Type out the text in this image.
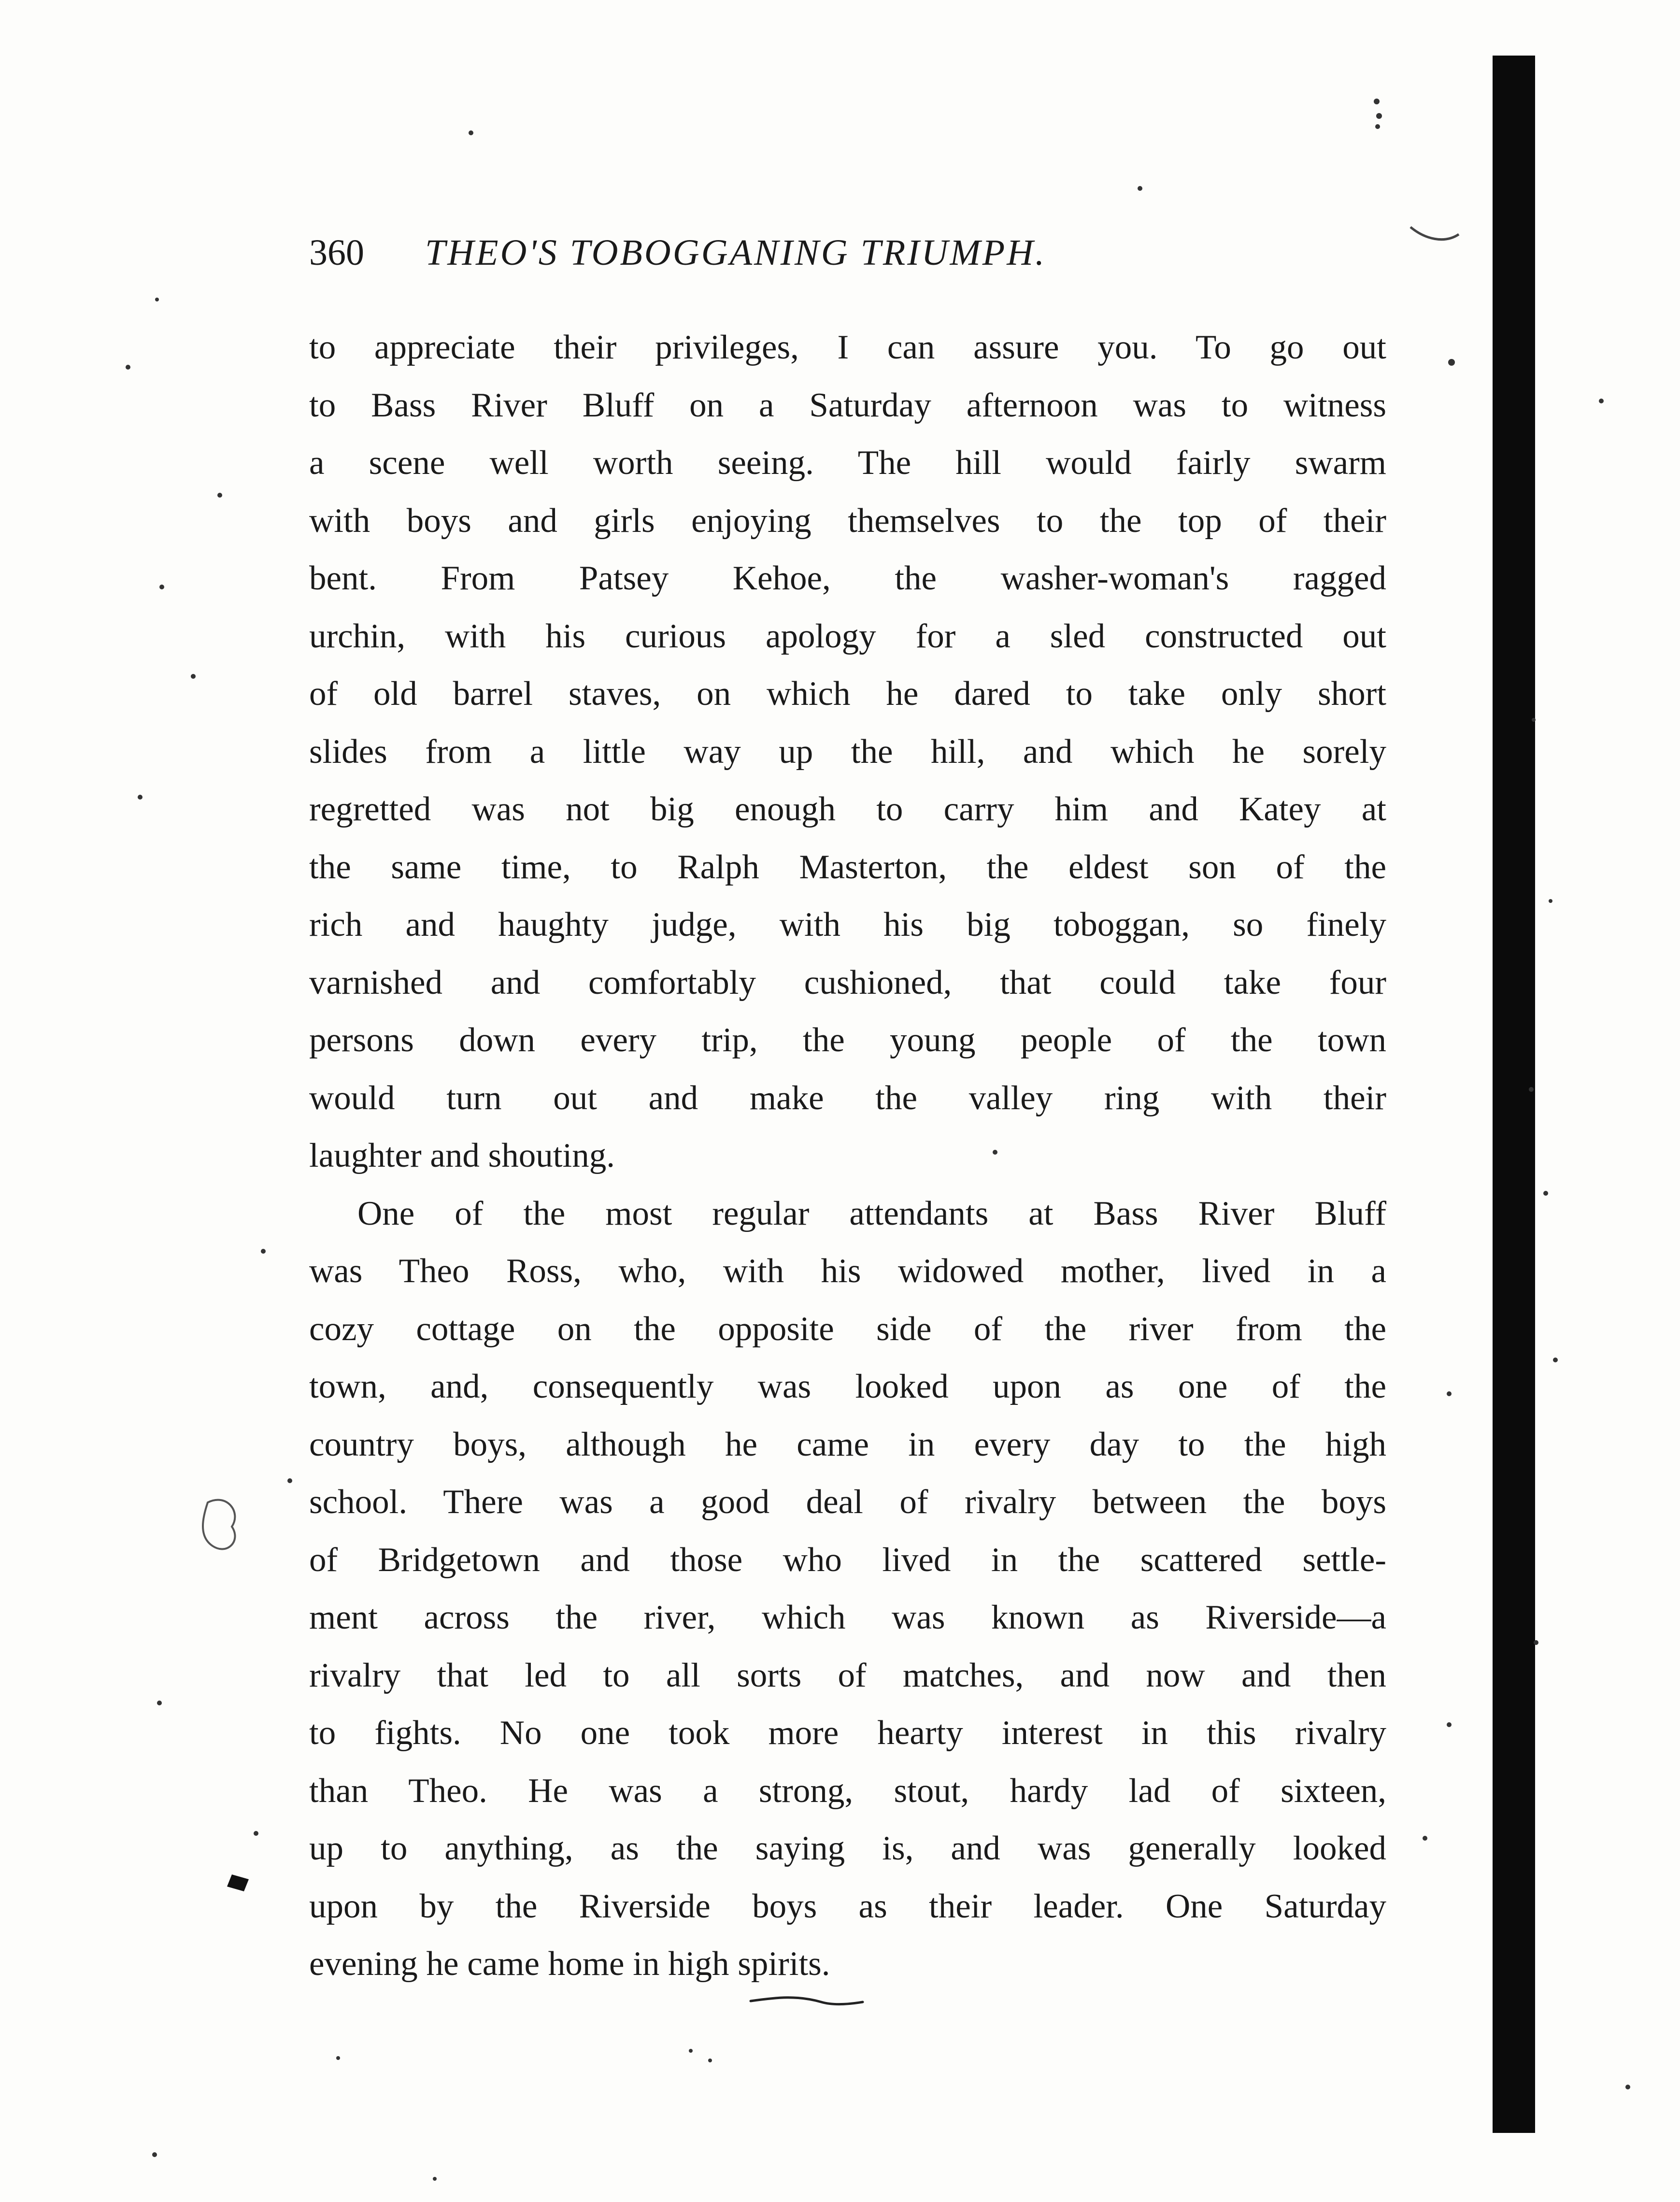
360	THEO'S TOBOGGANING TRIUMPH.
to appreciate their privileges, I can assure you. To go out
to Bass River Bluff on a Saturday afternoon was to witness
a scene well worth seeing. The hill would fairly swarm
with boys and girls enjoying themselves to the top of their
bent. From Patsey Kehoe, the washer-woman's ragged
urchin, with his curious apology for a sled constructed out
of old barrel staves, on which he dared to take only short
slides from a little way up the hill, and which he sorely
regretted was not big enough to carry him and Katey at
the same time, to Ralph Masterton, the eldest son of the
rich and haughty judge, with his big toboggan, so finely
varnished and comfortably cushioned, that could take four
persons down every trip, the young people of the town
would turn out and make the valley ring with their
laughter and shouting.
One of the most regular attendants at Bass River Bluff
was Theo Ross, who, with his widowed mother, lived in a
cozy cottage on the opposite side of the river from the
town, and, consequently was looked upon as one of the
country boys, although he came in every day to the high
school. There was a good deal of rivalry between the boys
of Bridgetown and those who lived in the scattered settle-
ment across the river, which was known as Riverside—a
rivalry that led to all sorts of matches, and now and then
to fights. No one took more hearty interest in this rivalry
than Theo. He was a strong, stout, hardy lad of sixteen,
up to anything, as the saying is, and was generally looked
upon by the Riverside boys as their leader. One Saturday
evening he came home in high spirits.
